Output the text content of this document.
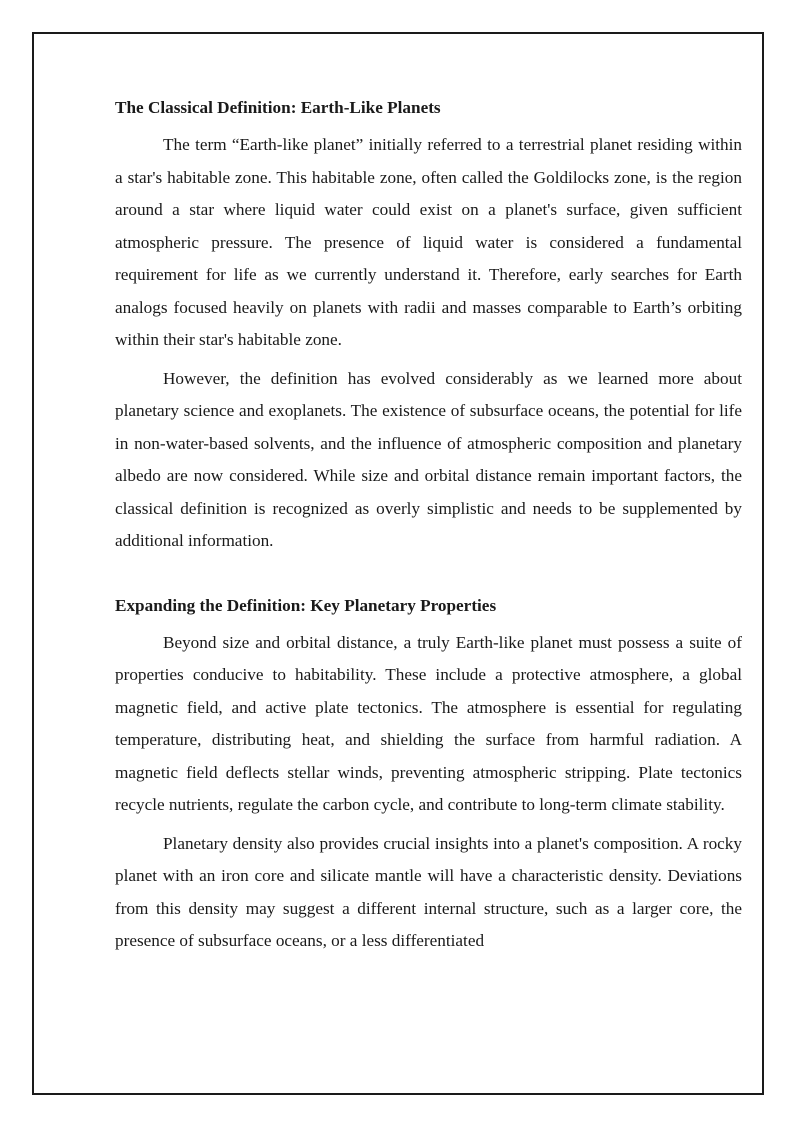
The Classical Definition: Earth-Like Planets

The term “Earth-like planet” initially referred to a terrestrial planet residing within a star's habitable zone. This habitable zone, often called the Goldilocks zone, is the region around a star where liquid water could exist on a planet's surface, given sufficient atmospheric pressure. The presence of liquid water is considered a fundamental requirement for life as we currently understand it. Therefore, early searches for Earth analogs focused heavily on planets with radii and masses comparable to Earth’s orbiting within their star's habitable zone.

However, the definition has evolved considerably as we learned more about planetary science and exoplanets. The existence of subsurface oceans, the potential for life in non-water-based solvents, and the influence of atmospheric composition and planetary albedo are now considered. While size and orbital distance remain important factors, the classical definition is recognized as overly simplistic and needs to be supplemented by additional information.

Expanding the Definition: Key Planetary Properties

Beyond size and orbital distance, a truly Earth-like planet must possess a suite of properties conducive to habitability. These include a protective atmosphere, a global magnetic field, and active plate tectonics. The atmosphere is essential for regulating temperature, distributing heat, and shielding the surface from harmful radiation. A magnetic field deflects stellar winds, preventing atmospheric stripping. Plate tectonics recycle nutrients, regulate the carbon cycle, and contribute to long-term climate stability.

Planetary density also provides crucial insights into a planet's composition. A rocky planet with an iron core and silicate mantle will have a characteristic density. Deviations from this density may suggest a different internal structure, such as a larger core, the presence of subsurface oceans, or a less differentiated
